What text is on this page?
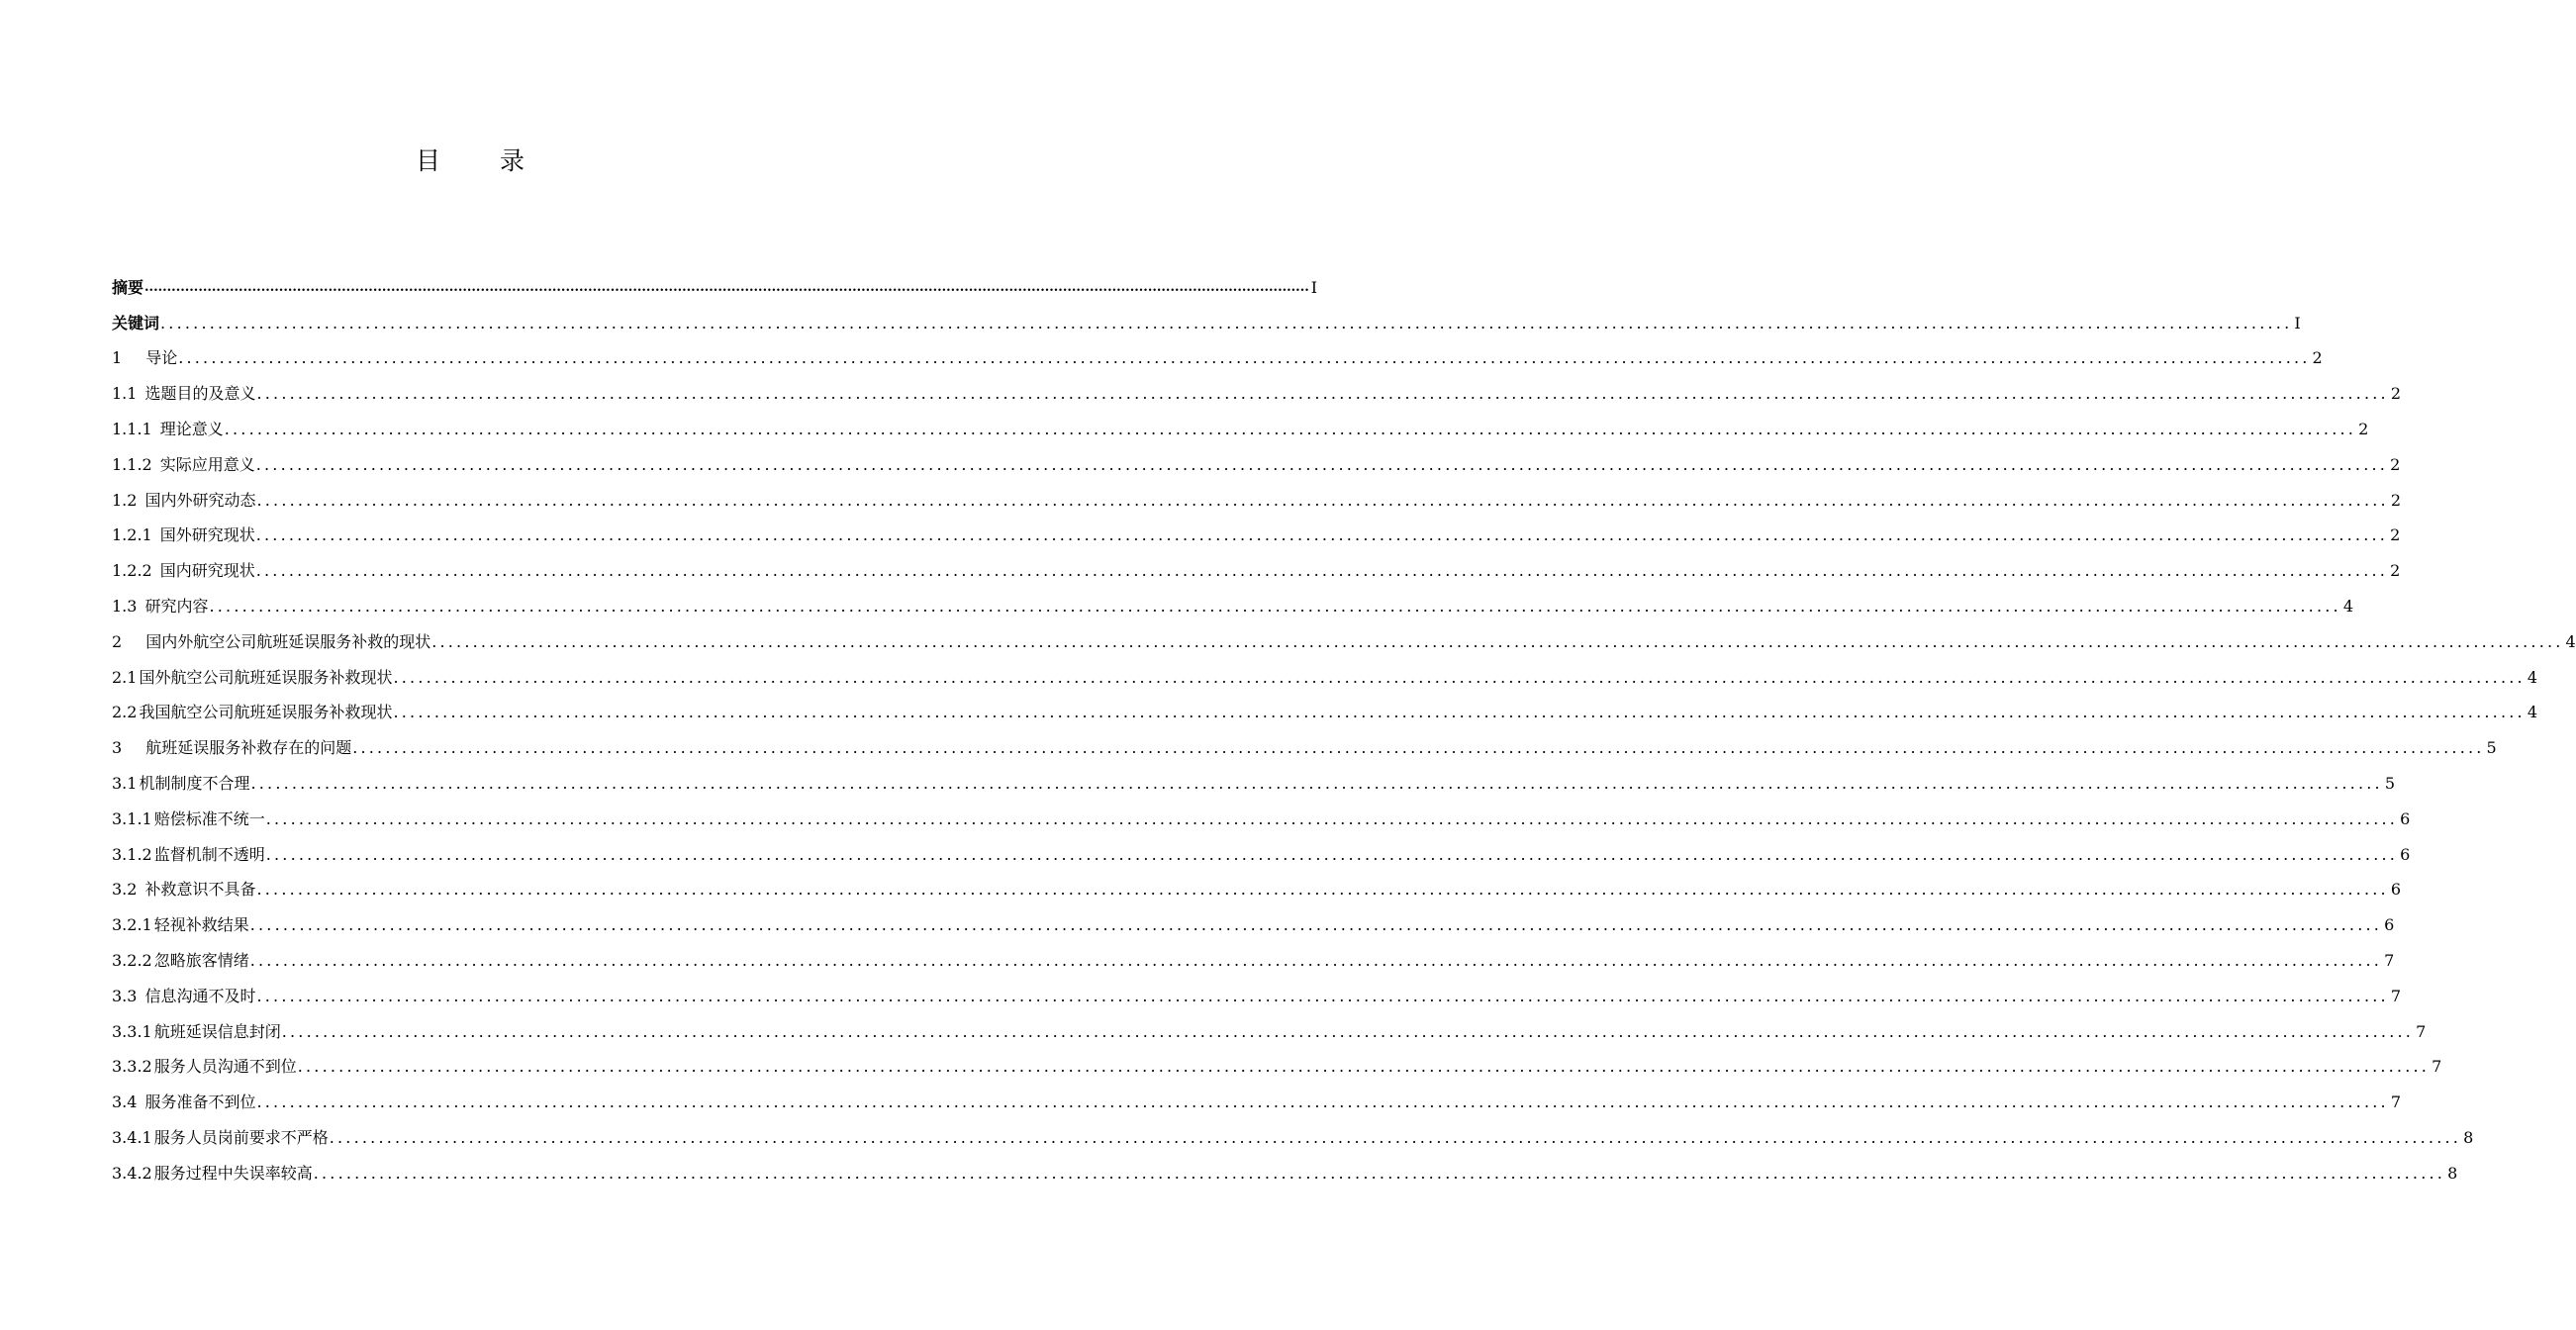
目 录
摘要 .................................................................................................................................................................................................................................................................... I
关键词 .................................................................................................................................................................................................................................................................... I
1 导论 .................................................................................................................................................................................................................................................................... 2
1.1 选题目的及意义 .................................................................................................................................................................................................................................................................... 2
1.1.1 理论意义 .................................................................................................................................................................................................................................................................... 2
1.1.2 实际应用意义 .................................................................................................................................................................................................................................................................... 2
1.2 国内外研究动态 .................................................................................................................................................................................................................................................................... 2
1.2.1 国外研究现状 .................................................................................................................................................................................................................................................................... 2
1.2.2 国内研究现状 .................................................................................................................................................................................................................................................................... 2
1.3 研究内容 .................................................................................................................................................................................................................................................................... 4
2 国内外航空公司航班延误服务补救的现状 .................................................................................................................................................................................................................................................................... 4
2.1 国外航空公司航班延误服务补救现状 .................................................................................................................................................................................................................................................................... 4
2.2 我国航空公司航班延误服务补救现状 .................................................................................................................................................................................................................................................................... 4
3 航班延误服务补救存在的问题 .................................................................................................................................................................................................................................................................... 5
3.1 机制制度不合理 .................................................................................................................................................................................................................................................................... 5
3.1.1 赔偿标准不统一 .................................................................................................................................................................................................................................................................... 6
3.1.2 监督机制不透明 .................................................................................................................................................................................................................................................................... 6
3.2 补救意识不具备 .................................................................................................................................................................................................................................................................... 6
3.2.1 轻视补救结果 .................................................................................................................................................................................................................................................................... 6
3.2.2 忽略旅客情绪 .................................................................................................................................................................................................................................................................... 7
3.3 信息沟通不及时 .................................................................................................................................................................................................................................................................... 7
3.3.1 航班延误信息封闭 .................................................................................................................................................................................................................................................................... 7
3.3.2 服务人员沟通不到位 .................................................................................................................................................................................................................................................................... 7
3.4 服务准备不到位 .................................................................................................................................................................................................................................................................... 7
3.4.1 服务人员岗前要求不严格 .................................................................................................................................................................................................................................................................... 8
3.4.2 服务过程中失误率较高 .................................................................................................................................................................................................................................................................... 8
